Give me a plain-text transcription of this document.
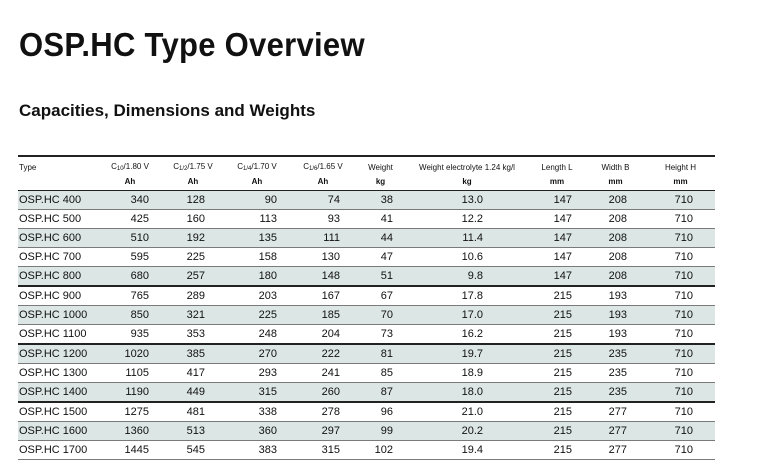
OSP.HC Type Overview
Capacities, Dimensions and Weights
Type	$C_{10}/1.80$ V	$C_{1/2}/1.75$ V	$C_{1/4}/1.70$ V	$C_{1/6}/1.65$ V	Weight	Weight electrolyte 1.24 kg/l	Length L	Width B	Height H
	Ah	Ah	Ah	Ah	kg	kg	mm	mm	mm
OSP.HC 400	340	128	90	74	38	13.0	147	208	710
OSP.HC 500	425	160	113	93	41	12.2	147	208	710
OSP.HC 600	510	192	135	111	44	11.4	147	208	710
OSP.HC 700	595	225	158	130	47	10.6	147	208	710
OSP.HC 800	680	257	180	148	51	9.8	147	208	710
OSP.HC 900	765	289	203	167	67	17.8	215	193	710
OSP.HC 1000	850	321	225	185	70	17.0	215	193	710
OSP.HC 1100	935	353	248	204	73	16.2	215	193	710
OSP.HC 1200	1020	385	270	222	81	19.7	215	235	710
OSP.HC 1300	1105	417	293	241	85	18.9	215	235	710
OSP.HC 1400	1190	449	315	260	87	18.0	215	235	710
OSP.HC 1500	1275	481	338	278	96	21.0	215	277	710
OSP.HC 1600	1360	513	360	297	99	20.2	215	277	710
OSP.HC 1700	1445	545	383	315	102	19.4	215	277	710
